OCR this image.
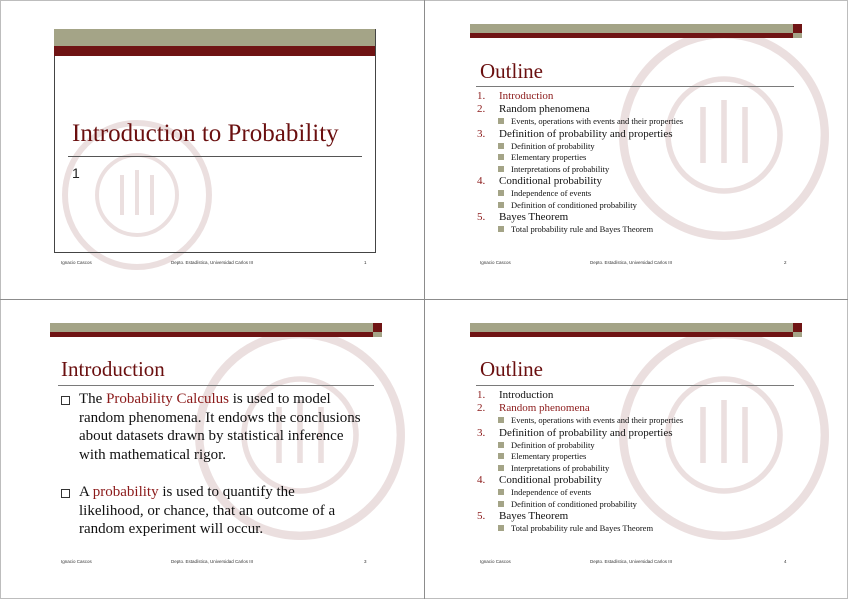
Introduction to Probability
1
Ignacio Cascos	Depto. Estadística, Universidad Carlos III	1
Outline
1. Introduction
2. Random phenomena
Events, operations with events and their properties
3. Definition of probability and properties
Definition of probability
Elementary properties
Interpretations of probability
4. Conditional probability
Independence of events
Definition of conditioned probability
5. Bayes Theorem
Total probability rule and Bayes Theorem
Ignacio Cascos	Depto. Estadística, Universidad Carlos III	2
Introduction
The Probability Calculus is used to model random phenomena. It endows the conclusions about datasets drawn by statistical inference with mathematical rigor.
A probability is used to quantify the likelihood, or chance, that an outcome of a random experiment will occur.
Ignacio Cascos	Depto. Estadística, Universidad Carlos III	3
Outline
1. Introduction
2. Random phenomena
Events, operations with events and their properties
3. Definition of probability and properties
Definition of probability
Elementary properties
Interpretations of probability
4. Conditional probability
Independence of events
Definition of conditioned probability
5. Bayes Theorem
Total probability rule and Bayes Theorem
Ignacio Cascos	Depto. Estadística, Universidad Carlos III	4
